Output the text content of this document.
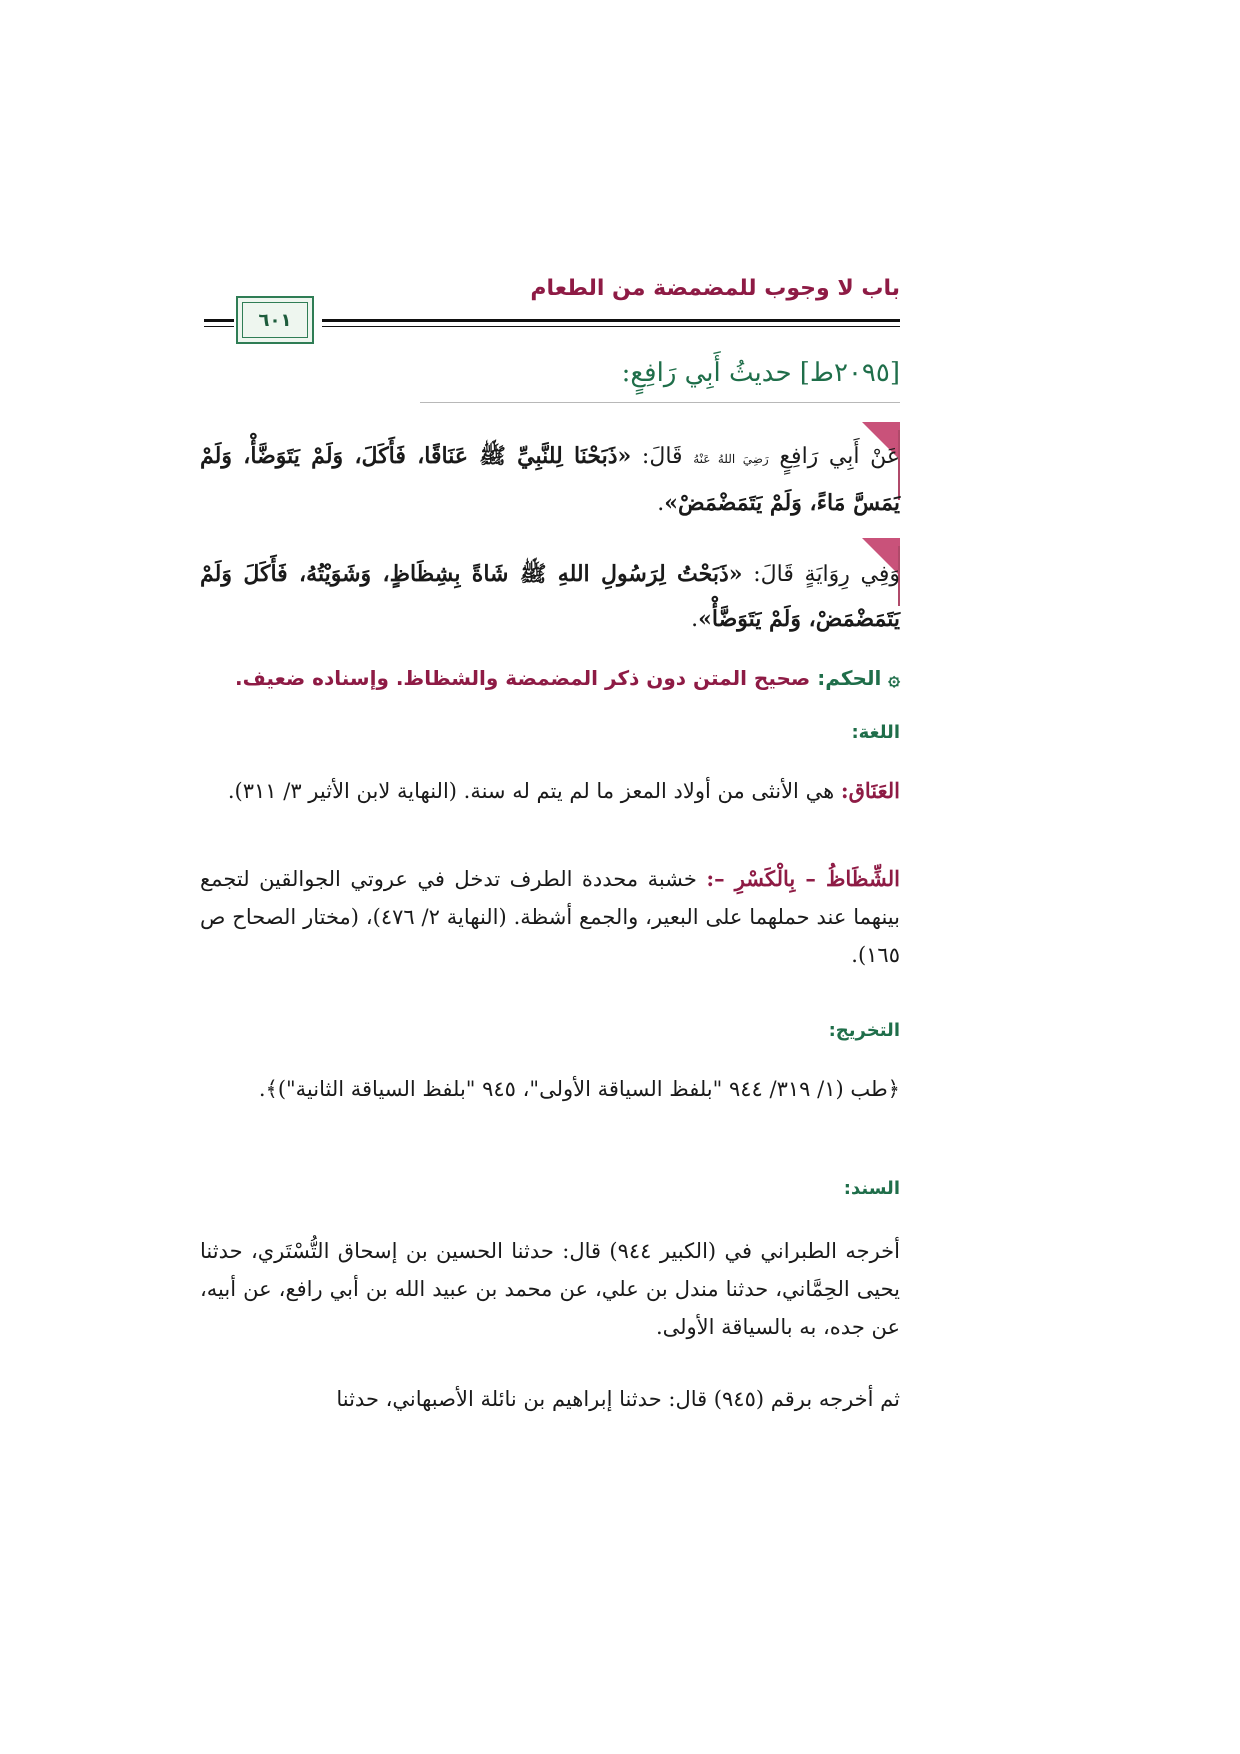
باب لا وجوب للمضمضة من الطعام
٦٠١
[٢٠٩٥ط] حديثُ أَبِي رَافِعٍ:
عَنْ أَبِي رَافِعٍ رَضِيَ اللهُ عَنْهُ قَالَ: «ذَبَحْنَا لِلنَّبِيِّ ﷺ عَنَاقًا، فَأَكَلَ، وَلَمْ يَتَوَضَّأْ، وَلَمْ يَمَسَّ مَاءً، وَلَمْ يَتَمَضْمَضْ».
وَفِي رِوَايَةٍ قَالَ: «ذَبَحْتُ لِرَسُولِ اللهِ ﷺ شَاةً بِشِظَاظٍ، وَشَوَيْتُهُ، فَأَكَلَ وَلَمْ يَتَمَضْمَضْ، وَلَمْ يَتَوَضَّأْ».
۞ الحكم: صحيح المتن دون ذكر المضمضة والشظاظ. وإسناده ضعيف.
اللغة:
العَنَاق: هي الأنثى من أولاد المعز ما لم يتم له سنة. (النهاية لابن الأثير ٣/ ٣١١).
الشِّظَاظُ – بِالْكَسْرِ –: خشبة محددة الطرف تدخل في عروتي الجوالقين لتجمع بينهما عند حملهما على البعير، والجمع أشظة. (النهاية ٢/ ٤٧٦)، (مختار الصحاح ص ١٦٥).
التخريج:
﴿طب (١/ ٣١٩/ ٩٤٤ "بلفظ السياقة الأولى"، ٩٤٥ "بلفظ السياقة الثانية")﴾.
السند:
أخرجه الطبراني في (الكبير ٩٤٤) قال: حدثنا الحسين بن إسحاق التُّسْتَري، حدثنا يحيى الحِمَّاني، حدثنا مندل بن علي، عن محمد بن عبيد الله بن أبي رافع، عن أبيه، عن جده، به بالسياقة الأولى.
ثم أخرجه برقم (٩٤٥) قال: حدثنا إبراهيم بن نائلة الأصبهاني، حدثنا
